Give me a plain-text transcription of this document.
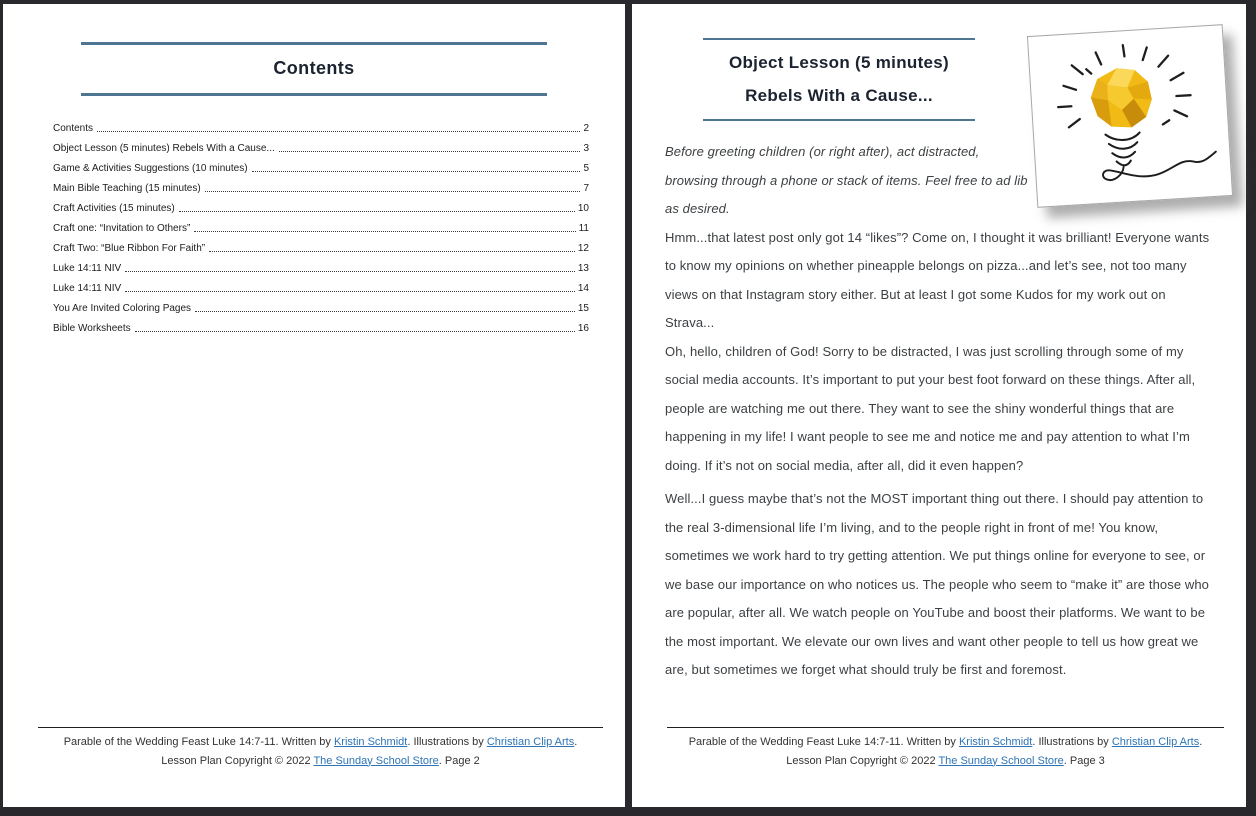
Contents
Contents	2
Object Lesson (5 minutes) Rebels With a Cause...	3
Game & Activities Suggestions (10 minutes)	5
Main Bible Teaching (15 minutes)	7
Craft Activities (15 minutes)	10
Craft one: “Invitation to Others”	11
Craft Two: “Blue Ribbon For Faith”	12
Luke 14:11 NIV	13
Luke 14:11 NIV	14
You Are Invited Coloring Pages	15
Bible Worksheets	16
Parable of the Wedding Feast Luke 14:7-11. Written by Kristin Schmidt. Illustrations by Christian Clip Arts.
Lesson Plan Copyright © 2022 The Sunday School Store. Page 2
Object Lesson (5 minutes)
Rebels With a Cause...

Before greeting children (or right after), act distracted, browsing through a phone or stack of items. Feel free to ad lib as desired.

Hmm...that latest post only got 14 “likes”? Come on, I thought it was brilliant! Everyone wants to know my opinions on whether pineapple belongs on pizza...and let’s see, not too many views on that Instagram story either. But at least I got some Kudos for my work out on Strava...

Oh, hello, children of God! Sorry to be distracted, I was just scrolling through some of my social media accounts. It’s important to put your best foot forward on these things. After all, people are watching me out there. They want to see the shiny wonderful things that are happening in my life! I want people to see me and notice me and pay attention to what I’m doing. If it’s not on social media, after all, did it even happen?

Well...I guess maybe that’s not the MOST important thing out there. I should pay attention to the real 3-dimensional life I’m living, and to the people right in front of me! You know, sometimes we work hard to try getting attention. We put things online for everyone to see, or we base our importance on who notices us. The people who seem to “make it” are those who are popular, after all. We watch people on YouTube and boost their platforms. We want to be the most important. We elevate our own lives and want other people to tell us how great we are, but sometimes we forget what should truly be first and foremost.

Parable of the Wedding Feast Luke 14:7-11. Written by Kristin Schmidt. Illustrations by Christian Clip Arts.
Lesson Plan Copyright © 2022 The Sunday School Store. Page 3
